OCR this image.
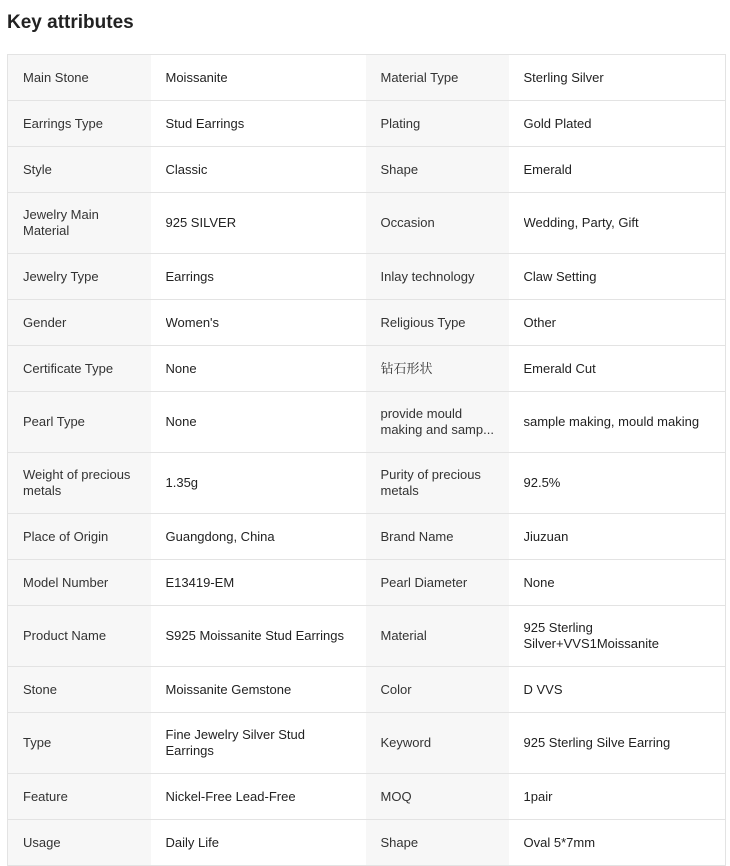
Key attributes
Main Stone	Moissanite	Material Type	Sterling Silver

Earrings Type	Stud Earrings	Plating	Gold Plated

Style	Classic	Shape	Emerald

Jewelry Main Material	925 SILVER	Occasion	Wedding, Party, Gift

Jewelry Type	Earrings	Inlay technology	Claw Setting

Gender	Women's	Religious Type	Other

Certificate Type	None	钻石形状	Emerald Cut

Pearl Type	None	provide mould making and samp...	sample making, mould making

Weight of precious metals	1.35g	Purity of precious metals	92.5%

Place of Origin	Guangdong, China	Brand Name	Jiuzuan

Model Number	E13419-EM	Pearl Diameter	None

Product Name	S925 Moissanite Stud Earrings	Material	925 Sterling Silver+VVS1Moissanite

Stone	Moissanite Gemstone	Color	D VVS

Type	Fine Jewelry Silver Stud Earrings	Keyword	925 Sterling Silve Earring

Feature	Nickel-Free Lead-Free	MOQ	1pair

Usage	Daily Life	Shape	Oval 5*7mm
